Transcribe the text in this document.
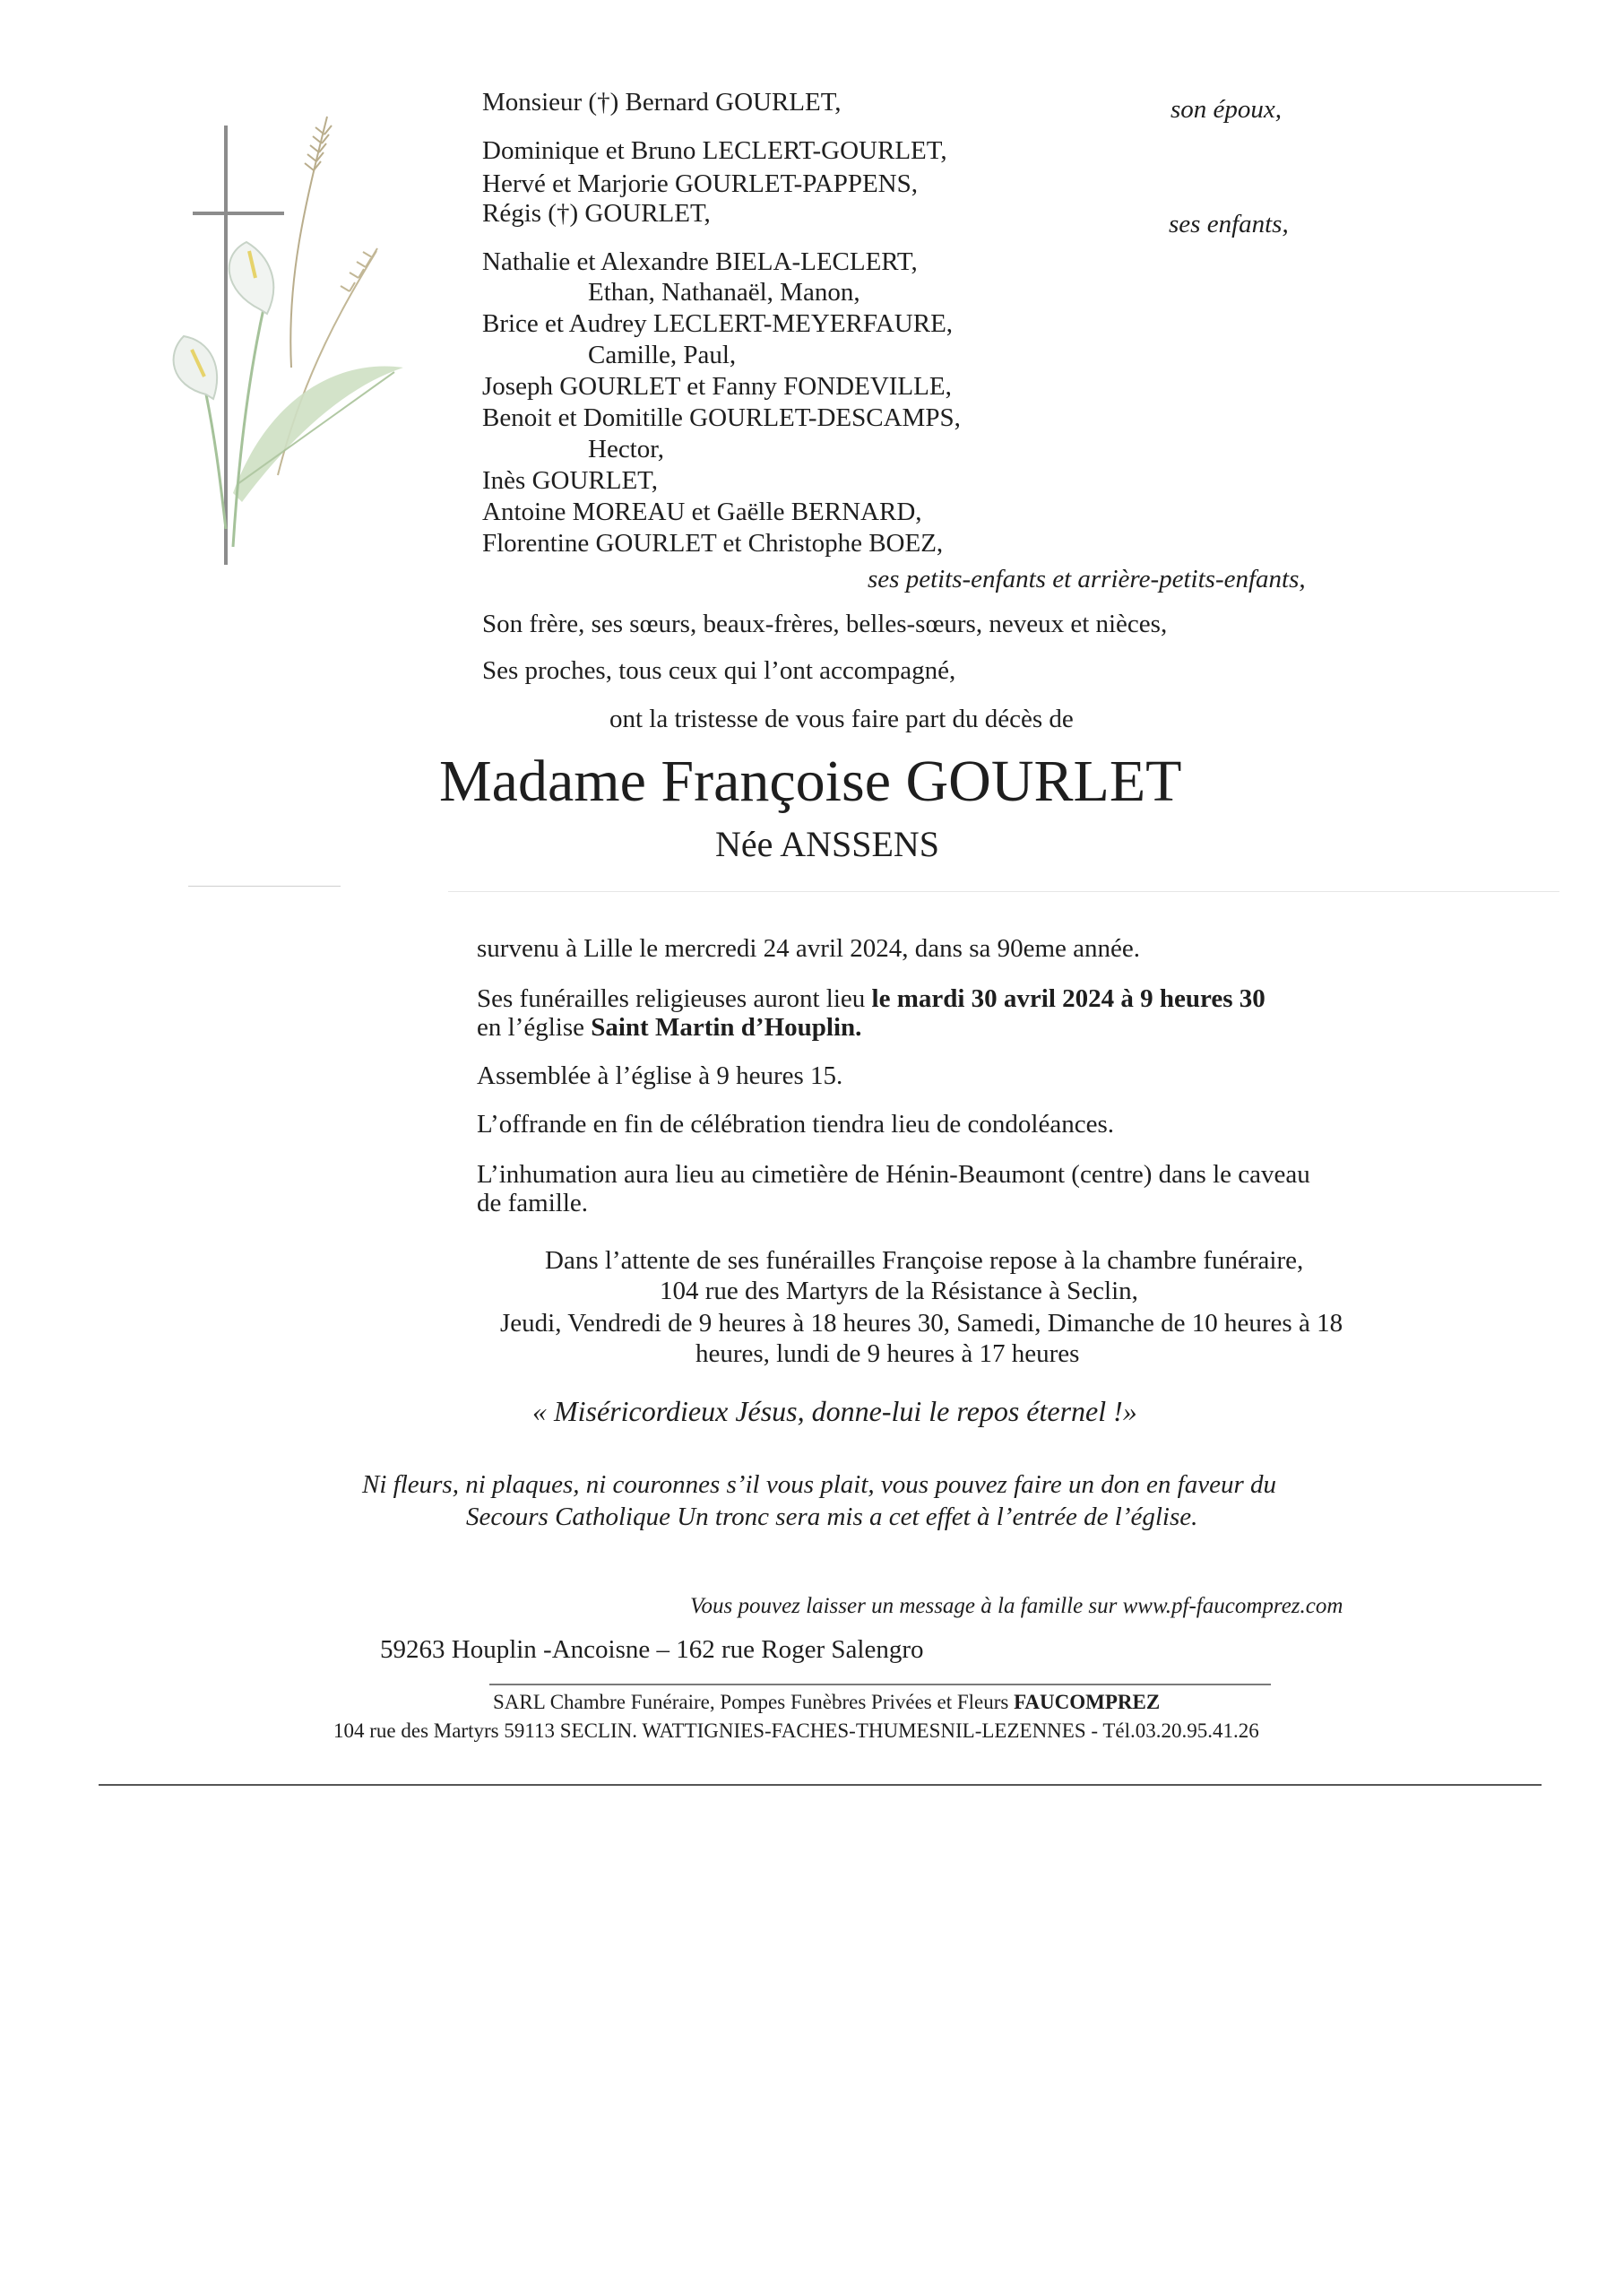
Monsieur (†) Bernard GOURLET,	son époux,
Dominique et Bruno LECLERT-GOURLET,
Hervé et Marjorie GOURLET-PAPPENS,
Régis (†) GOURLET,	ses enfants,
Nathalie et Alexandre BIELA-LECLERT,
Ethan, Nathanaël, Manon,
Brice et Audrey LECLERT-MEYERFAURE,
Camille, Paul,
Joseph GOURLET et Fanny FONDEVILLE,
Benoit et Domitille GOURLET-DESCAMPS,
Hector,
Inès GOURLET,
Antoine MOREAU et Gaëlle BERNARD,
Florentine GOURLET et Christophe BOEZ,
ses petits-enfants et arrière-petits-enfants,
Son frère, ses sœurs, beaux-frères, belles-sœurs, neveux et nièces,
Ses proches, tous ceux qui l’ont accompagné,
ont la tristesse de vous faire part du décès de
Madame Françoise GOURLET
Née ANSSENS
survenu à Lille le mercredi 24 avril 2024, dans sa 90eme année.
Ses funérailles religieuses auront lieu le mardi 30 avril 2024 à 9 heures 30
en l’église Saint Martin d’Houplin.
Assemblée à l’église à 9 heures 15.
L’offrande en fin de célébration tiendra lieu de condoléances.
L’inhumation aura lieu au cimetière de Hénin-Beaumont (centre) dans le caveau
de famille.
Dans l’attente de ses funérailles Françoise repose à la chambre funéraire,
104 rue des Martyrs de la Résistance à Seclin,
Jeudi, Vendredi de 9 heures à 18 heures 30, Samedi, Dimanche de 10 heures à 18
heures, lundi de 9 heures à 17 heures
« Miséricordieux Jésus, donne-lui le repos éternel !»
Ni fleurs, ni plaques, ni couronnes s’il vous plait, vous pouvez faire un don en faveur du
Secours Catholique Un tronc sera mis a cet effet à l’entrée de l’église.
Vous pouvez laisser un message à la famille sur www.pf-faucomprez.com
59263 Houplin -Ancoisne – 162 rue Roger Salengro
SARL Chambre Funéraire, Pompes Funèbres Privées et Fleurs FAUCOMPREZ
104 rue des Martyrs 59113 SECLIN. WATTIGNIES-FACHES-THUMESNIL-LEZENNES - Tél.03.20.95.41.26
